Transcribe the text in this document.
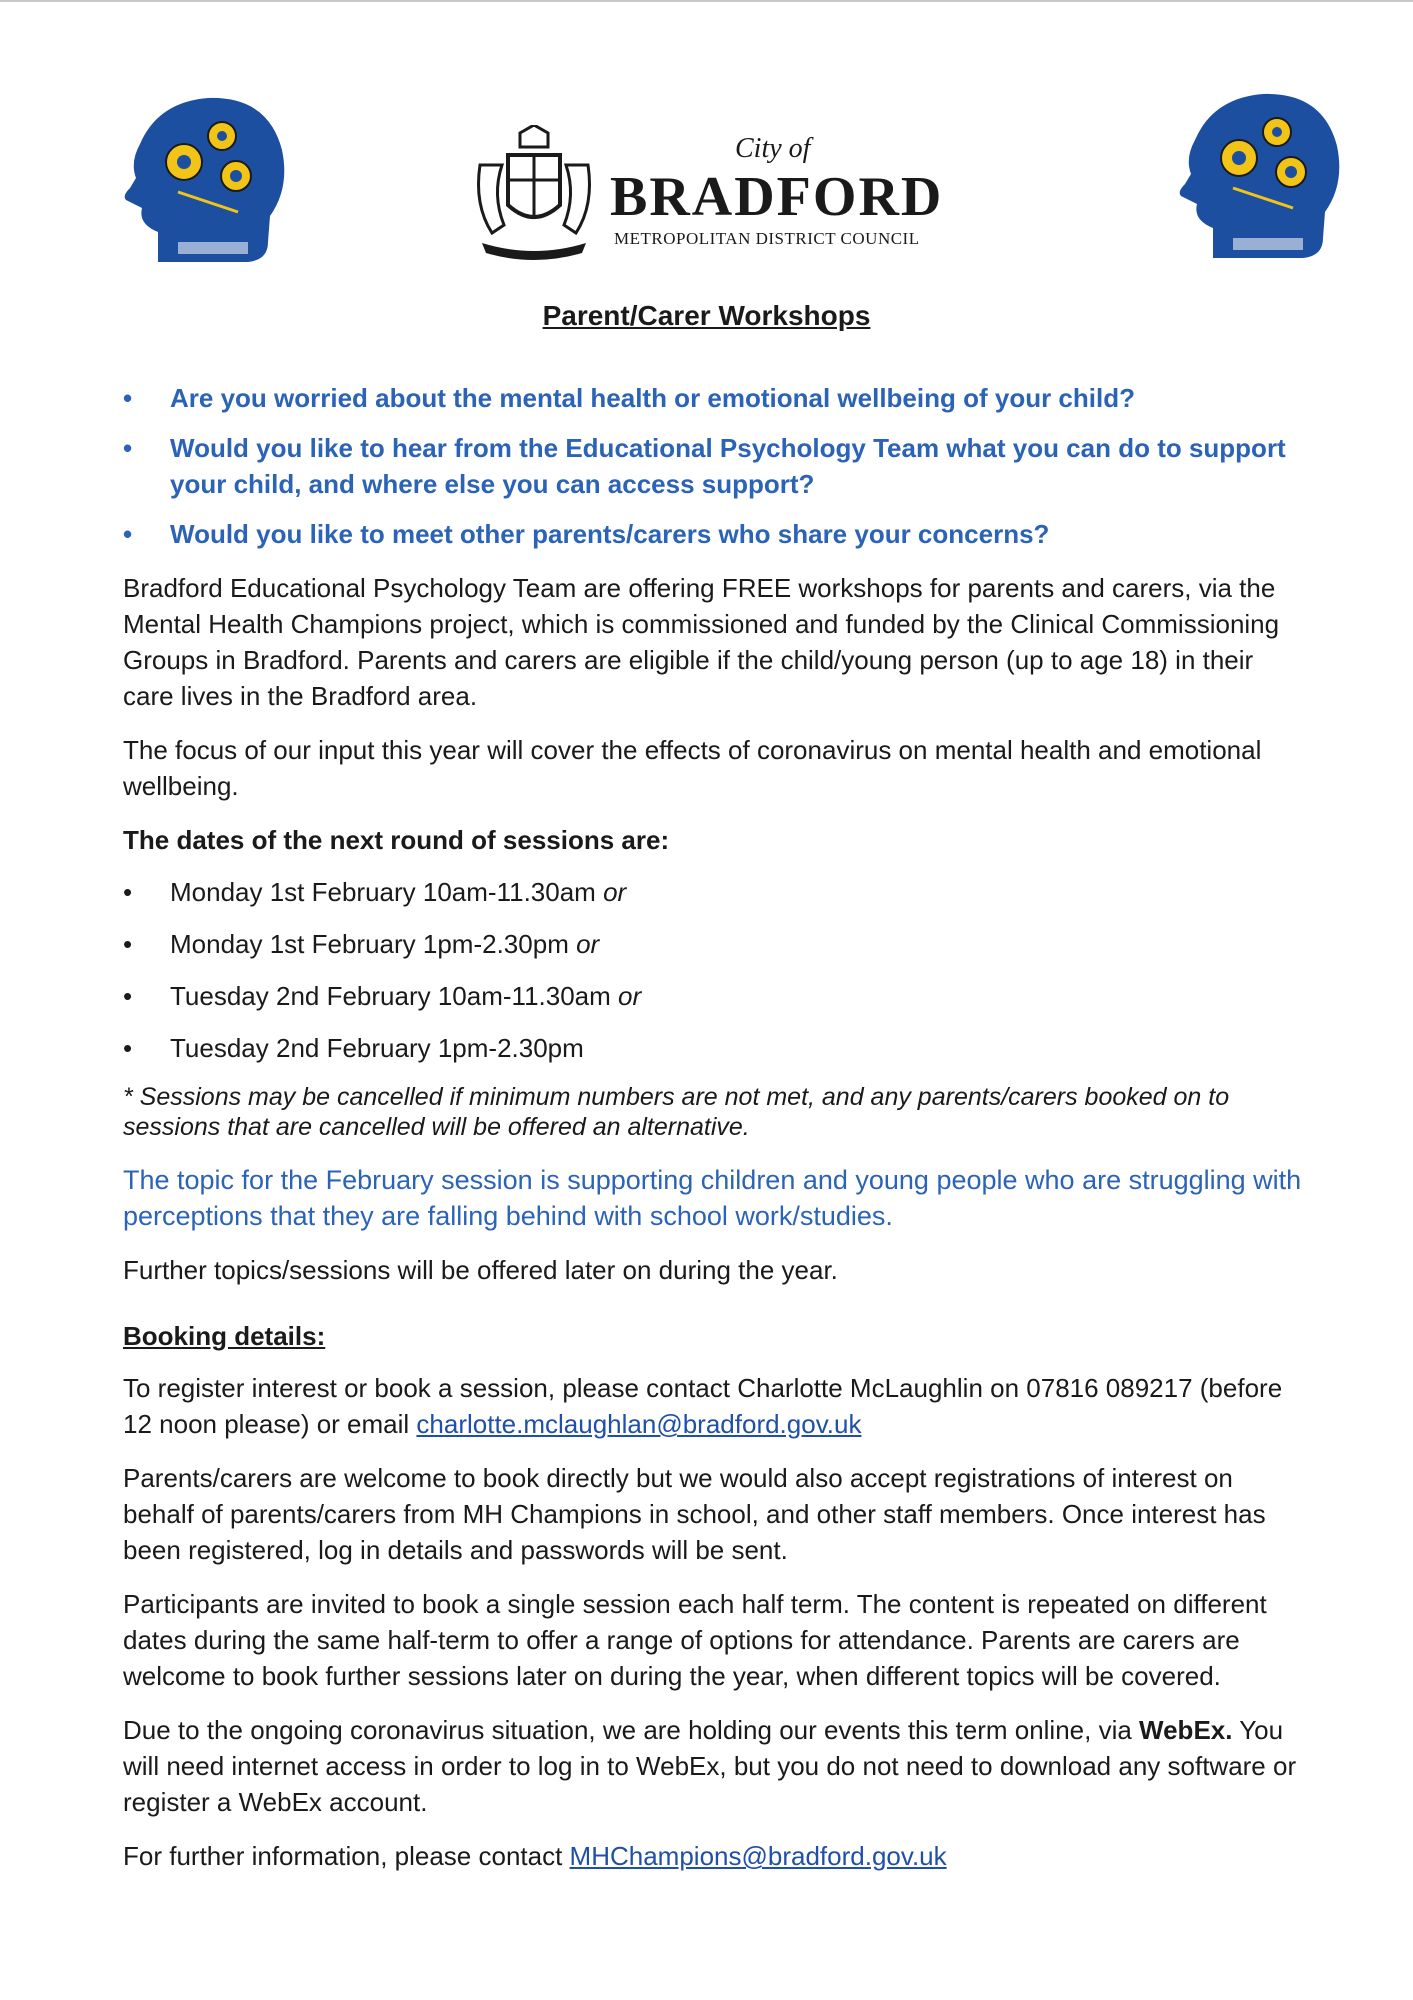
City of
BRADFORD
METROPOLITAN DISTRICT COUNCIL
Parent/Carer Workshops
• Are you worried about the mental health or emotional wellbeing of your child?
• Would you like to hear from the Educational Psychology Team what you can do to support your child, and where else you can access support?
• Would you like to meet other parents/carers who share your concerns?

Bradford Educational Psychology Team are offering FREE workshops for parents and carers, via the Mental Health Champions project, which is commissioned and funded by the Clinical Commissioning Groups in Bradford. Parents and carers are eligible if the child/young person (up to age 18) in their care lives in the Bradford area.

The focus of our input this year will cover the effects of coronavirus on mental health and emotional wellbeing.

The dates of the next round of sessions are:

• Monday 1st February 10am-11.30am or
• Monday 1st February 1pm-2.30pm or
• Tuesday 2nd February 10am-11.30am or
• Tuesday 2nd February 1pm-2.30pm

* Sessions may be cancelled if minimum numbers are not met, and any parents/carers booked on to sessions that are cancelled will be offered an alternative.

The topic for the February session is supporting children and young people who are struggling with perceptions that they are falling behind with school work/studies.

Further topics/sessions will be offered later on during the year.

Booking details:

To register interest or book a session, please contact Charlotte McLaughlin on 07816 089217 (before 12 noon please) or email charlotte.mclaughlan@bradford.gov.uk

Parents/carers are welcome to book directly but we would also accept registrations of interest on behalf of parents/carers from MH Champions in school, and other staff members. Once interest has been registered, log in details and passwords will be sent.

Participants are invited to book a single session each half term. The content is repeated on different dates during the same half-term to offer a range of options for attendance. Parents are carers are welcome to book further sessions later on during the year, when different topics will be covered.

Due to the ongoing coronavirus situation, we are holding our events this term online, via WebEx. You will need internet access in order to log in to WebEx, but you do not need to download any software or register a WebEx account.

For further information, please contact MHChampions@bradford.gov.uk
